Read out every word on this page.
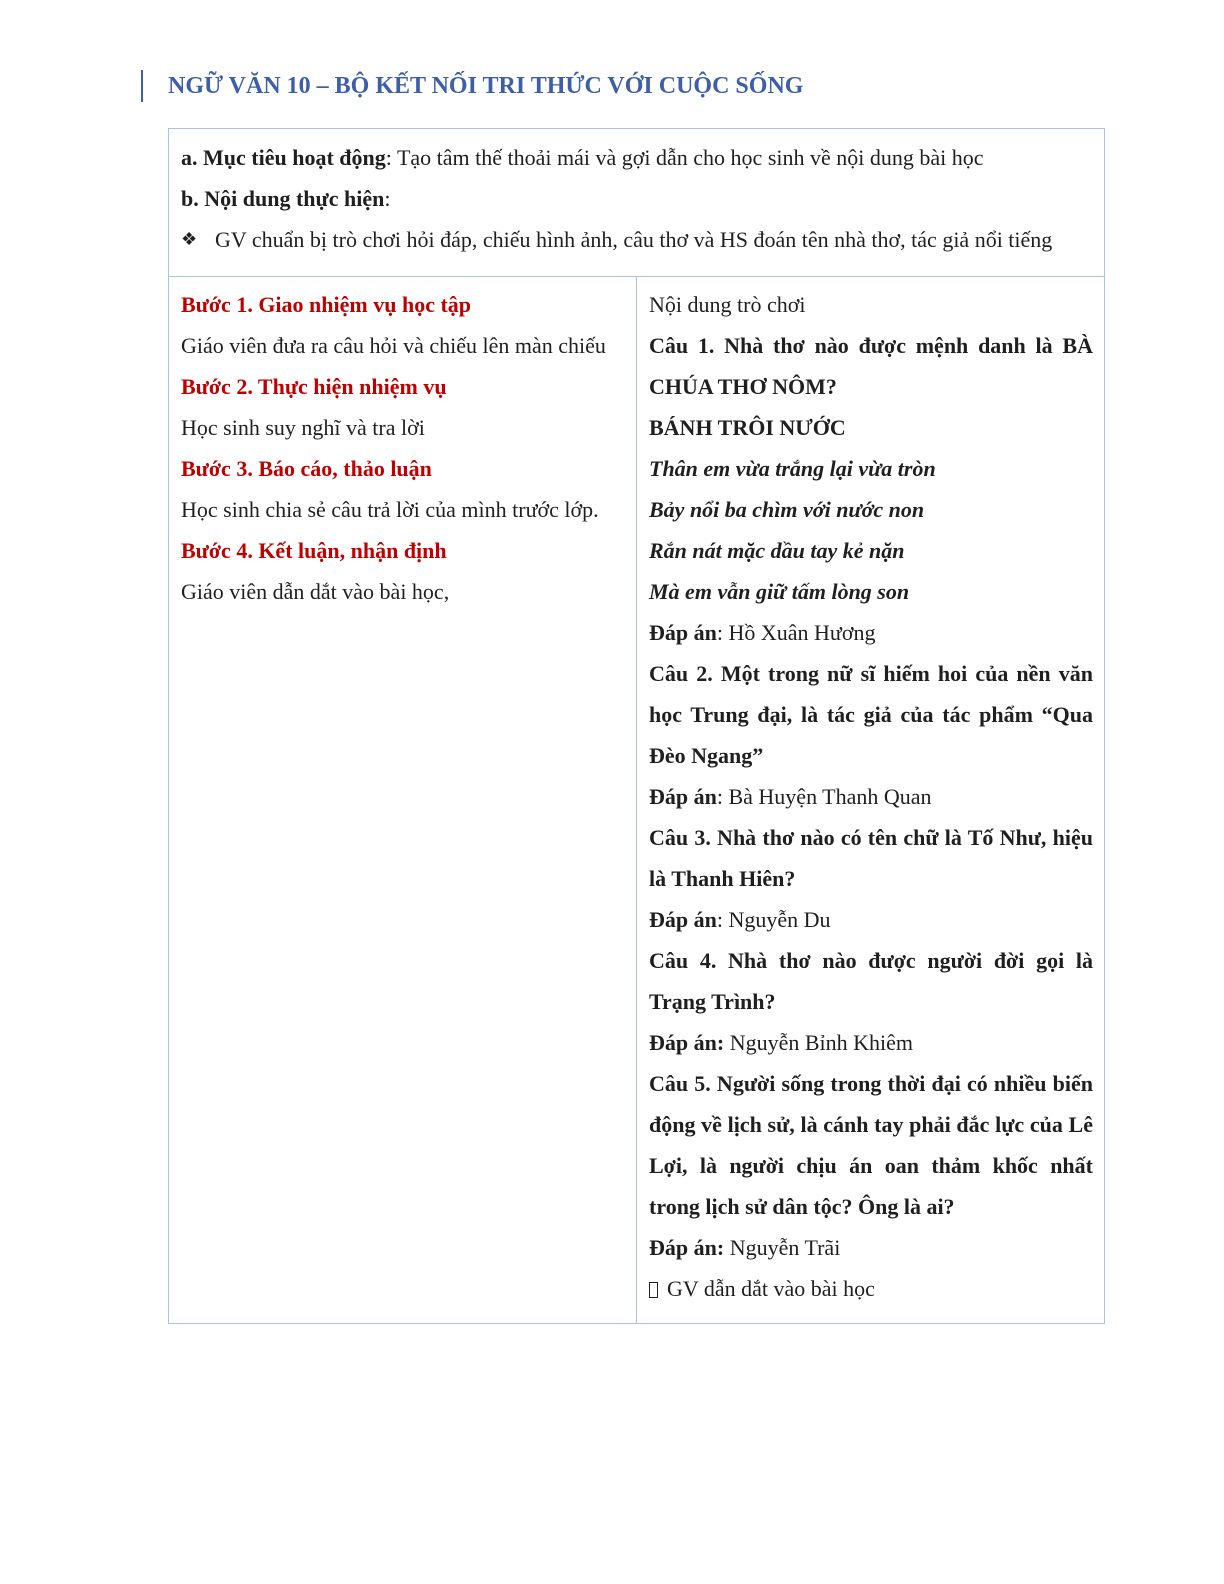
NGỮ VĂN 10 – BỘ KẾT NỐI TRI THỨC VỚI CUỘC SỐNG
a. Mục tiêu hoạt động: Tạo tâm thế thoải mái và gợi dẫn cho học sinh về nội dung bài học
b. Nội dung thực hiện:
❖ GV chuẩn bị trò chơi hỏi đáp, chiếu hình ảnh, câu thơ và HS đoán tên nhà thơ, tác giả nổi tiếng

Bước 1. Giao nhiệm vụ học tập
Giáo viên đưa ra câu hỏi và chiếu lên màn chiếu
Bước 2. Thực hiện nhiệm vụ
Học sinh suy nghĩ và tra lời
Bước 3. Báo cáo, thảo luận
Học sinh chia sẻ câu trả lời của mình trước lớp.
Bước 4. Kết luận, nhận định
Giáo viên dẫn dắt vào bài học,

Nội dung trò chơi
Câu 1. Nhà thơ nào được mệnh danh là BÀ CHÚA THƠ NÔM?
BÁNH TRÔI NƯỚC
Thân em vừa trắng lại vừa tròn
Bảy nổi ba chìm với nước non
Rắn nát mặc dầu tay kẻ nặn
Mà em vẫn giữ tấm lòng son
Đáp án: Hồ Xuân Hương
Câu 2. Một trong nữ sĩ hiếm hoi của nền văn học Trung đại, là tác giả của tác phẩm “Qua Đèo Ngang”
Đáp án: Bà Huyện Thanh Quan
Câu 3. Nhà thơ nào có tên chữ là Tố Như, hiệu là Thanh Hiên?
Đáp án: Nguyễn Du
Câu 4. Nhà thơ nào được người đời gọi là Trạng Trình?
Đáp án: Nguyễn Bỉnh Khiêm
Câu 5. Người sống trong thời đại có nhiều biến động về lịch sử, là cánh tay phải đắc lực của Lê Lợi, là người chịu án oan thảm khốc nhất trong lịch sử dân tộc? Ông là ai?
Đáp án: Nguyễn Trãi
GV dẫn dắt vào bài học
